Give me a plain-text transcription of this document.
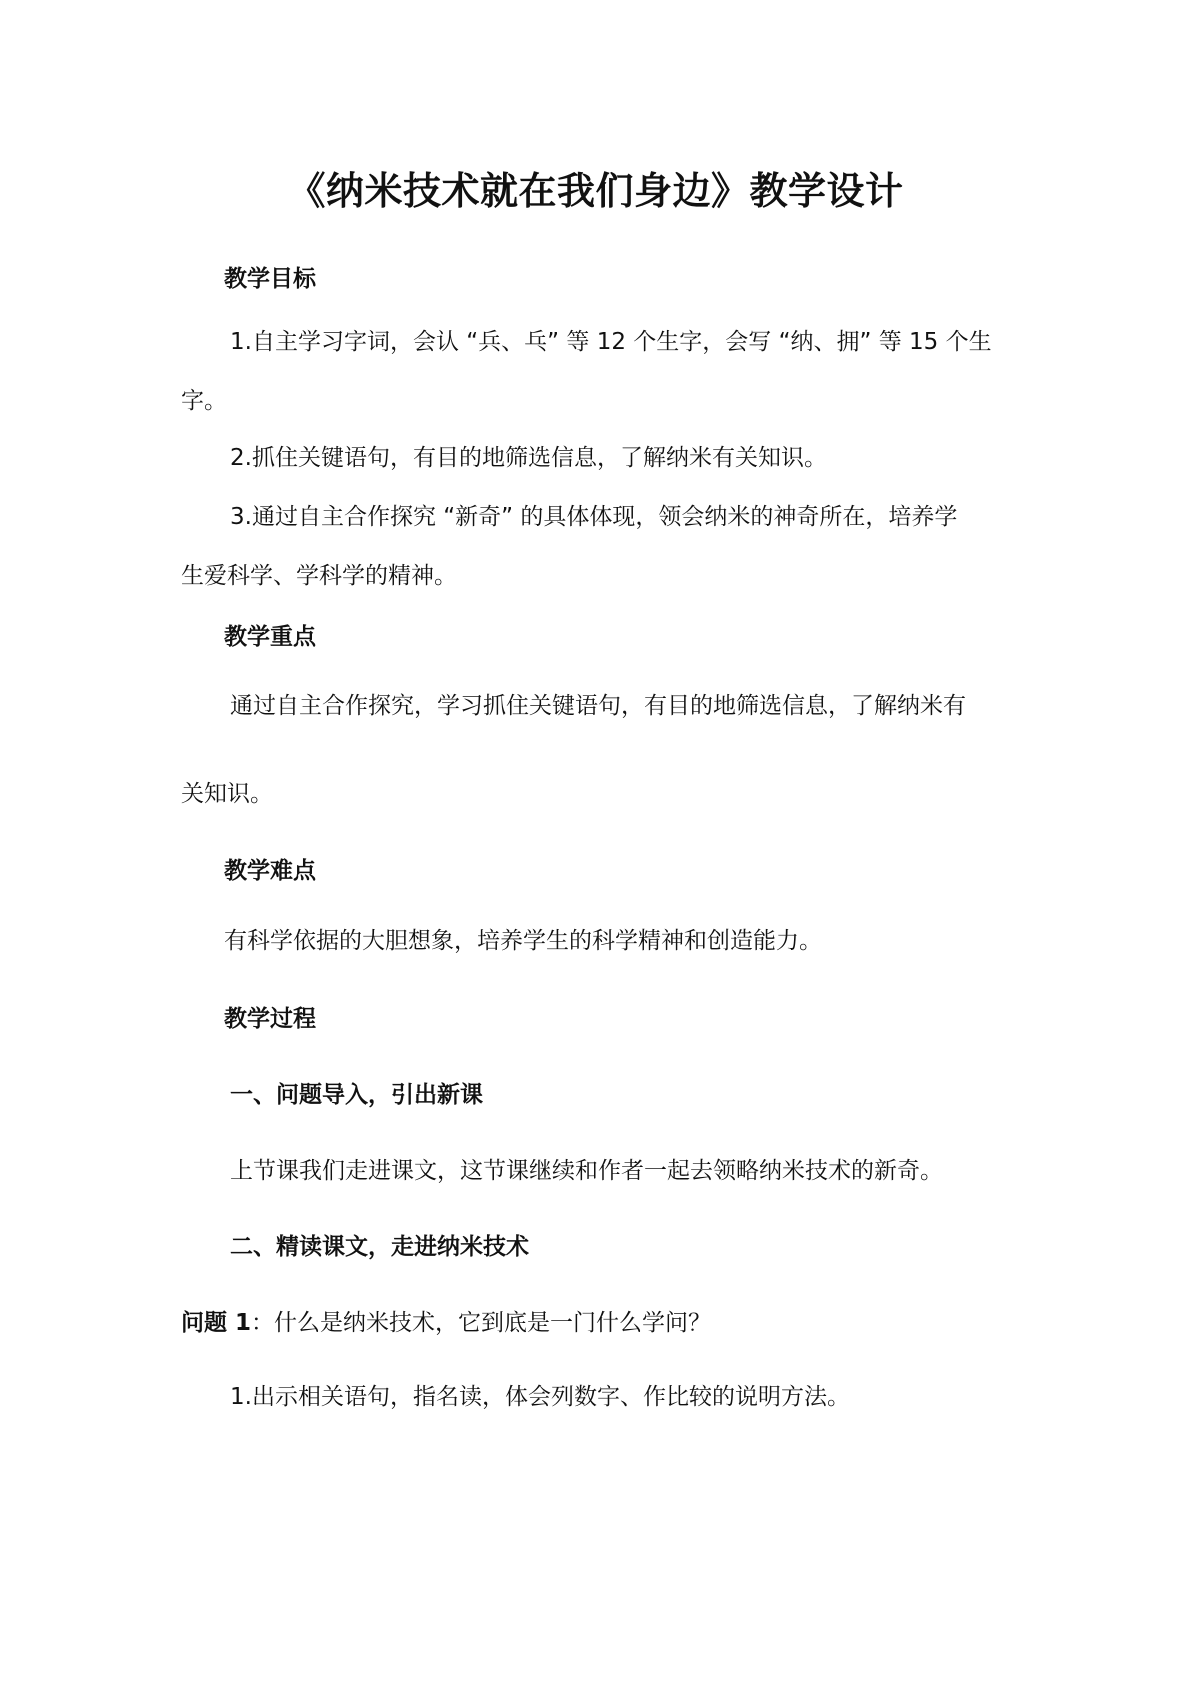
《纳米技术就在我们身边》教学设计
教学目标
1.自主学习字词，会认 “兵、乓” 等 12 个生字，会写 “纳、拥” 等 15 个生
字。
2.抓住关键语句，有目的地筛选信息，了解纳米有关知识。
3.通过自主合作探究 “新奇” 的具体体现，领会纳米的神奇所在，培养学
生爱科学、学科学的精神。
教学重点
通过自主合作探究，学习抓住关键语句，有目的地筛选信息，了解纳米有
关知识。
教学难点
有科学依据的大胆想象，培养学生的科学精神和创造能力。
教学过程
一、问题导入，引出新课
上节课我们走进课文，这节课继续和作者一起去领略纳米技术的新奇。
二、精读课文，走进纳米技术
问题 1：什么是纳米技术，它到底是一门什么学问？
1.出示相关语句，指名读，体会列数字、作比较的说明方法。
